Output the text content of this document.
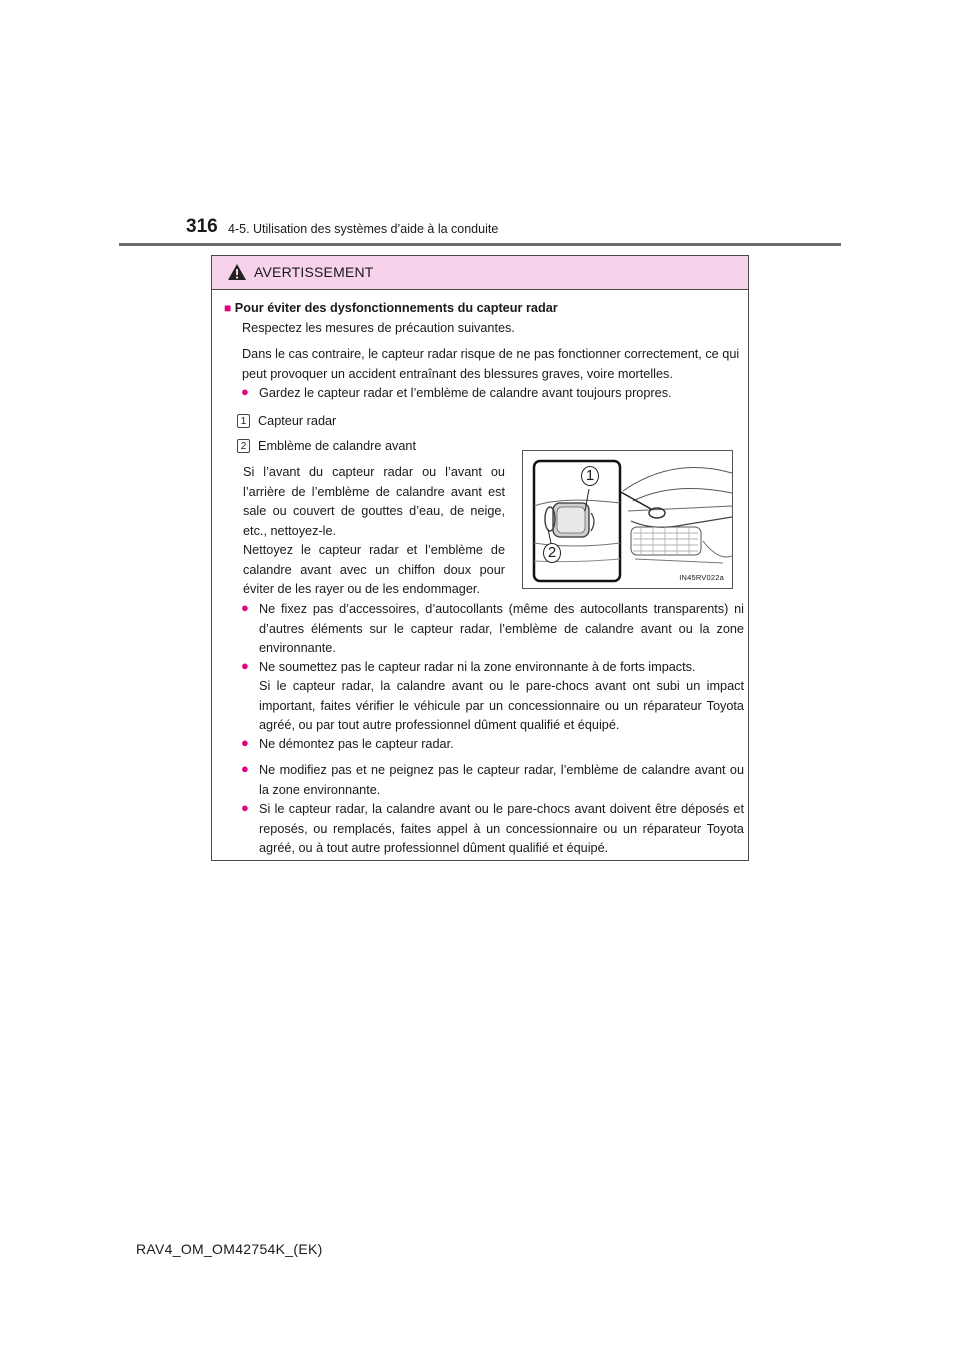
316 4-5. Utilisation des systèmes d’aide à la conduite
AVERTISSEMENT
■ Pour éviter des dysfonctionnements du capteur radar
Respectez les mesures de précaution suivantes.
Dans le cas contraire, le capteur radar risque de ne pas fonctionner correctement, ce qui peut provoquer un accident entraînant des blessures graves, voire mortelles.
● Gardez le capteur radar et l’emblème de calandre avant toujours propres.
1 Capteur radar
2 Emblème de calandre avant
Si l’avant du capteur radar ou l’avant ou l’arrière de l’emblème de calandre avant est sale ou couvert de gouttes d’eau, de neige, etc., nettoyez-le.
Nettoyez le capteur radar et l’emblème de calandre avant avec un chiffon doux pour éviter de les rayer ou de les endommager.
1
2
IN45RV022a
● Ne fixez pas d’accessoires, d’autocollants (même des autocollants transparents) ni d’autres éléments sur le capteur radar, l’emblème de calandre avant ou la zone environnante.
● Ne soumettez pas le capteur radar ni la zone environnante à de forts impacts.
Si le capteur radar, la calandre avant ou le pare-chocs avant ont subi un impact important, faites vérifier le véhicule par un concessionnaire ou un réparateur Toyota agréé, ou par tout autre professionnel dûment qualifié et équipé.
● Ne démontez pas le capteur radar.
● Ne modifiez pas et ne peignez pas le capteur radar, l’emblème de calandre avant ou la zone environnante.
● Si le capteur radar, la calandre avant ou le pare-chocs avant doivent être déposés et reposés, ou remplacés, faites appel à un concessionnaire ou un réparateur Toyota agréé, ou à tout autre professionnel dûment qualifié et équipé.
RAV4_OM_OM42754K_(EK)
